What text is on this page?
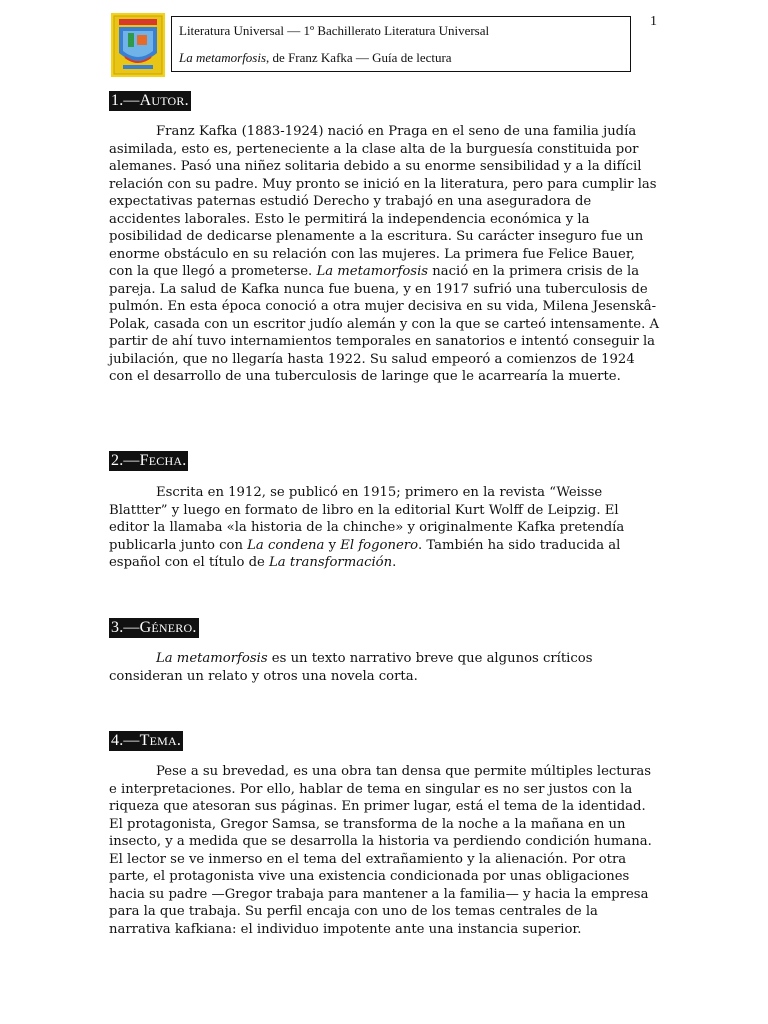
1
Literatura Universal — 1º Bachillerato Literatura Universal
La metamorfosis, de Franz Kafka — Guía de lectura
1.—AUTOR.

Franz Kafka (1883-1924) nació en Praga en el seno de una familia judía asimilada, esto es, perteneciente a la clase alta de la burguesía constituida por alemanes. Pasó una niñez solitaria debido a su enorme sensibilidad y a la difícil relación con su padre. Muy pronto se inició en la literatura, pero para cumplir las expectativas paternas estudió Derecho y trabajó en una aseguradora de accidentes laborales. Esto le permitirá la independencia económica y la posibilidad de dedicarse plenamente a la escritura. Su carácter inseguro fue un enorme obstáculo en su relación con las mujeres. La primera fue Felice Bauer, con la que llegó a prometerse. La metamorfosis nació en la primera crisis de la pareja. La salud de Kafka nunca fue buena, y en 1917 sufrió una tuberculosis de pulmón. En esta época conoció a otra mujer decisiva en su vida, Milena Jesenskâ-Polak, casada con un escritor judío alemán y con la que se carteó intensamente. A partir de ahí tuvo internamientos temporales en sanatorios e intentó conseguir la jubilación, que no llegaría hasta 1922. Su salud empeoró a comienzos de 1924 con el desarrollo de una tuberculosis de laringe que le acarrearía la muerte.

2.—FECHA.

Escrita en 1912, se publicó en 1915; primero en la revista “Weisse Blattter” y luego en formato de libro en la editorial Kurt Wolff de Leipzig. El editor la llamaba «la historia de la chinche» y originalmente Kafka pretendía publicarla junto con La condena y El fogonero. También ha sido traducida al español con el título de La transformación.

3.—GÉNERO.

La metamorfosis es un texto narrativo breve que algunos críticos consideran un relato y otros una novela corta.

4.—TEMA.

Pese a su brevedad, es una obra tan densa que permite múltiples lecturas e interpretaciones. Por ello, hablar de tema en singular es no ser justos con la riqueza que atesoran sus páginas. En primer lugar, está el tema de la identidad. El protagonista, Gregor Samsa, se transforma de la noche a la mañana en un insecto, y a medida que se desarrolla la historia va perdiendo condición humana. El lector se ve inmerso en el tema del extrañamiento y la alienación. Por otra parte, el protagonista vive una existencia condicionada por unas obligaciones hacia su padre —Gregor trabaja para mantener a la familia— y hacia la empresa para la que trabaja. Su perfil encaja con uno de los temas centrales de la narrativa kafkiana: el individuo impotente ante una instancia superior.
